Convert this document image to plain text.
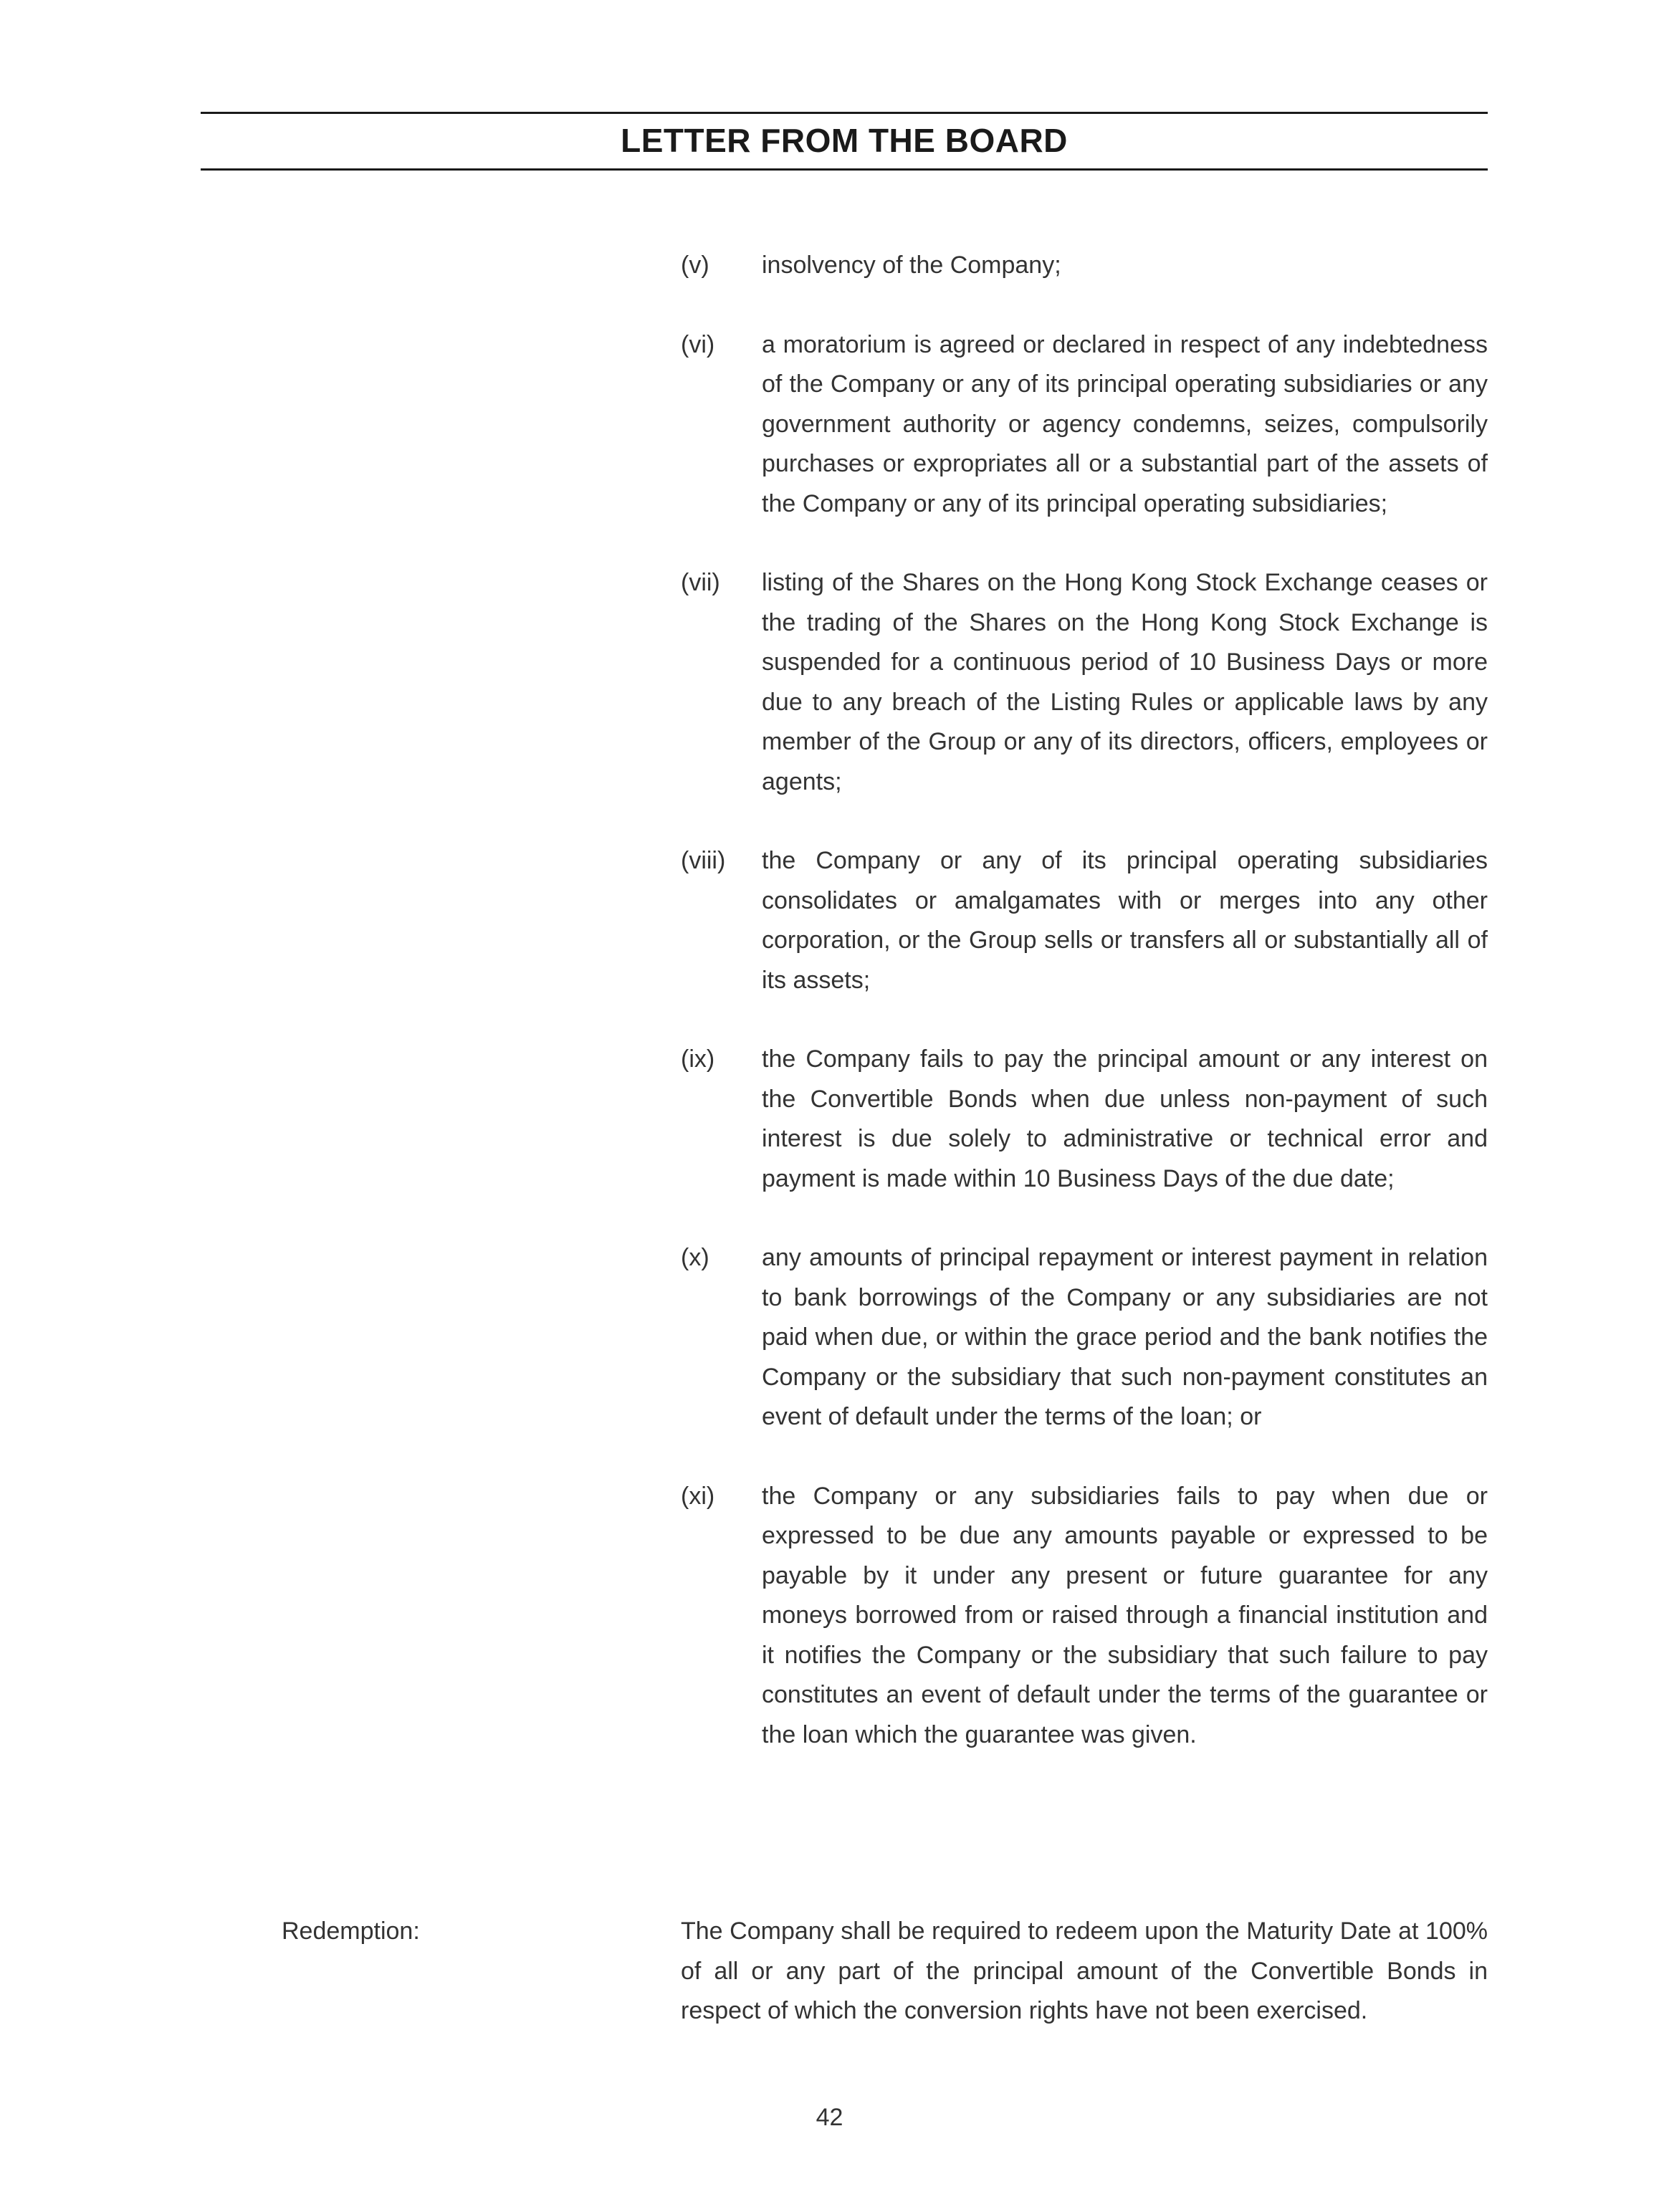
LETTER FROM THE BOARD
(v)	insolvency of the Company;
(vi)	a moratorium is agreed or declared in respect of any indebtedness of the Company or any of its principal operating subsidiaries or any government authority or agency condemns, seizes, compulsorily purchases or expropriates all or a substantial part of the assets of the Company or any of its principal operating subsidiaries;
(vii)	listing of the Shares on the Hong Kong Stock Exchange ceases or the trading of the Shares on the Hong Kong Stock Exchange is suspended for a continuous period of 10 Business Days or more due to any breach of the Listing Rules or applicable laws by any member of the Group or any of its directors, officers, employees or agents;
(viii)	the Company or any of its principal operating subsidiaries consolidates or amalgamates with or merges into any other corporation, or the Group sells or transfers all or substantially all of its assets;
(ix)	the Company fails to pay the principal amount or any interest on the Convertible Bonds when due unless non-payment of such interest is due solely to administrative or technical error and payment is made within 10 Business Days of the due date;
(x)	any amounts of principal repayment or interest payment in relation to bank borrowings of the Company or any subsidiaries are not paid when due, or within the grace period and the bank notifies the Company or the subsidiary that such non-payment constitutes an event of default under the terms of the loan; or
(xi)	the Company or any subsidiaries fails to pay when due or expressed to be due any amounts payable or expressed to be payable by it under any present or future guarantee for any moneys borrowed from or raised through a financial institution and it notifies the Company or the subsidiary that such failure to pay constitutes an event of default under the terms of the guarantee or the loan which the guarantee was given.
Redemption:	The Company shall be required to redeem upon the Maturity Date at 100% of all or any part of the principal amount of the Convertible Bonds in respect of which the conversion rights have not been exercised.
42
